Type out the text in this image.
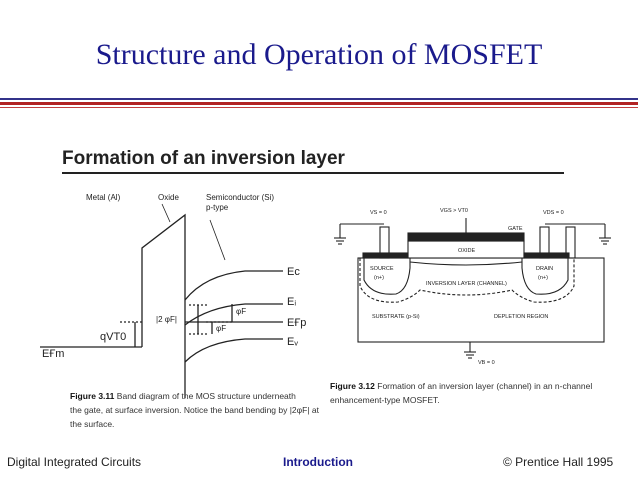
Structure and Operation of MOSFET
Formation of an inversion layer
Metal (Al)	Oxide	Semiconductor (Si)
p-type
Eс
Eᵢ
EҒp
Eᵥ
EҒm
qVT0
|2 φF|
φF
φF
VS = 0	VGS > VT0	VDS = 0
GATE
OXIDE
SOURCE
(n+)
DRAIN
(n+)
INVERSION LAYER (CHANNEL)
SUBSTRATE (p-Si)	DEPLETION REGION
VB = 0
Figure 3.11 Band diagram of the MOS structure underneath
the gate, at surface inversion. Notice the band bending by |2φF| at
the surface.
Figure 3.12 Formation of an inversion layer (channel) in an n-channel
enhancement-type MOSFET.
Digital Integrated Circuits	Introduction	© Prentice Hall 1995
